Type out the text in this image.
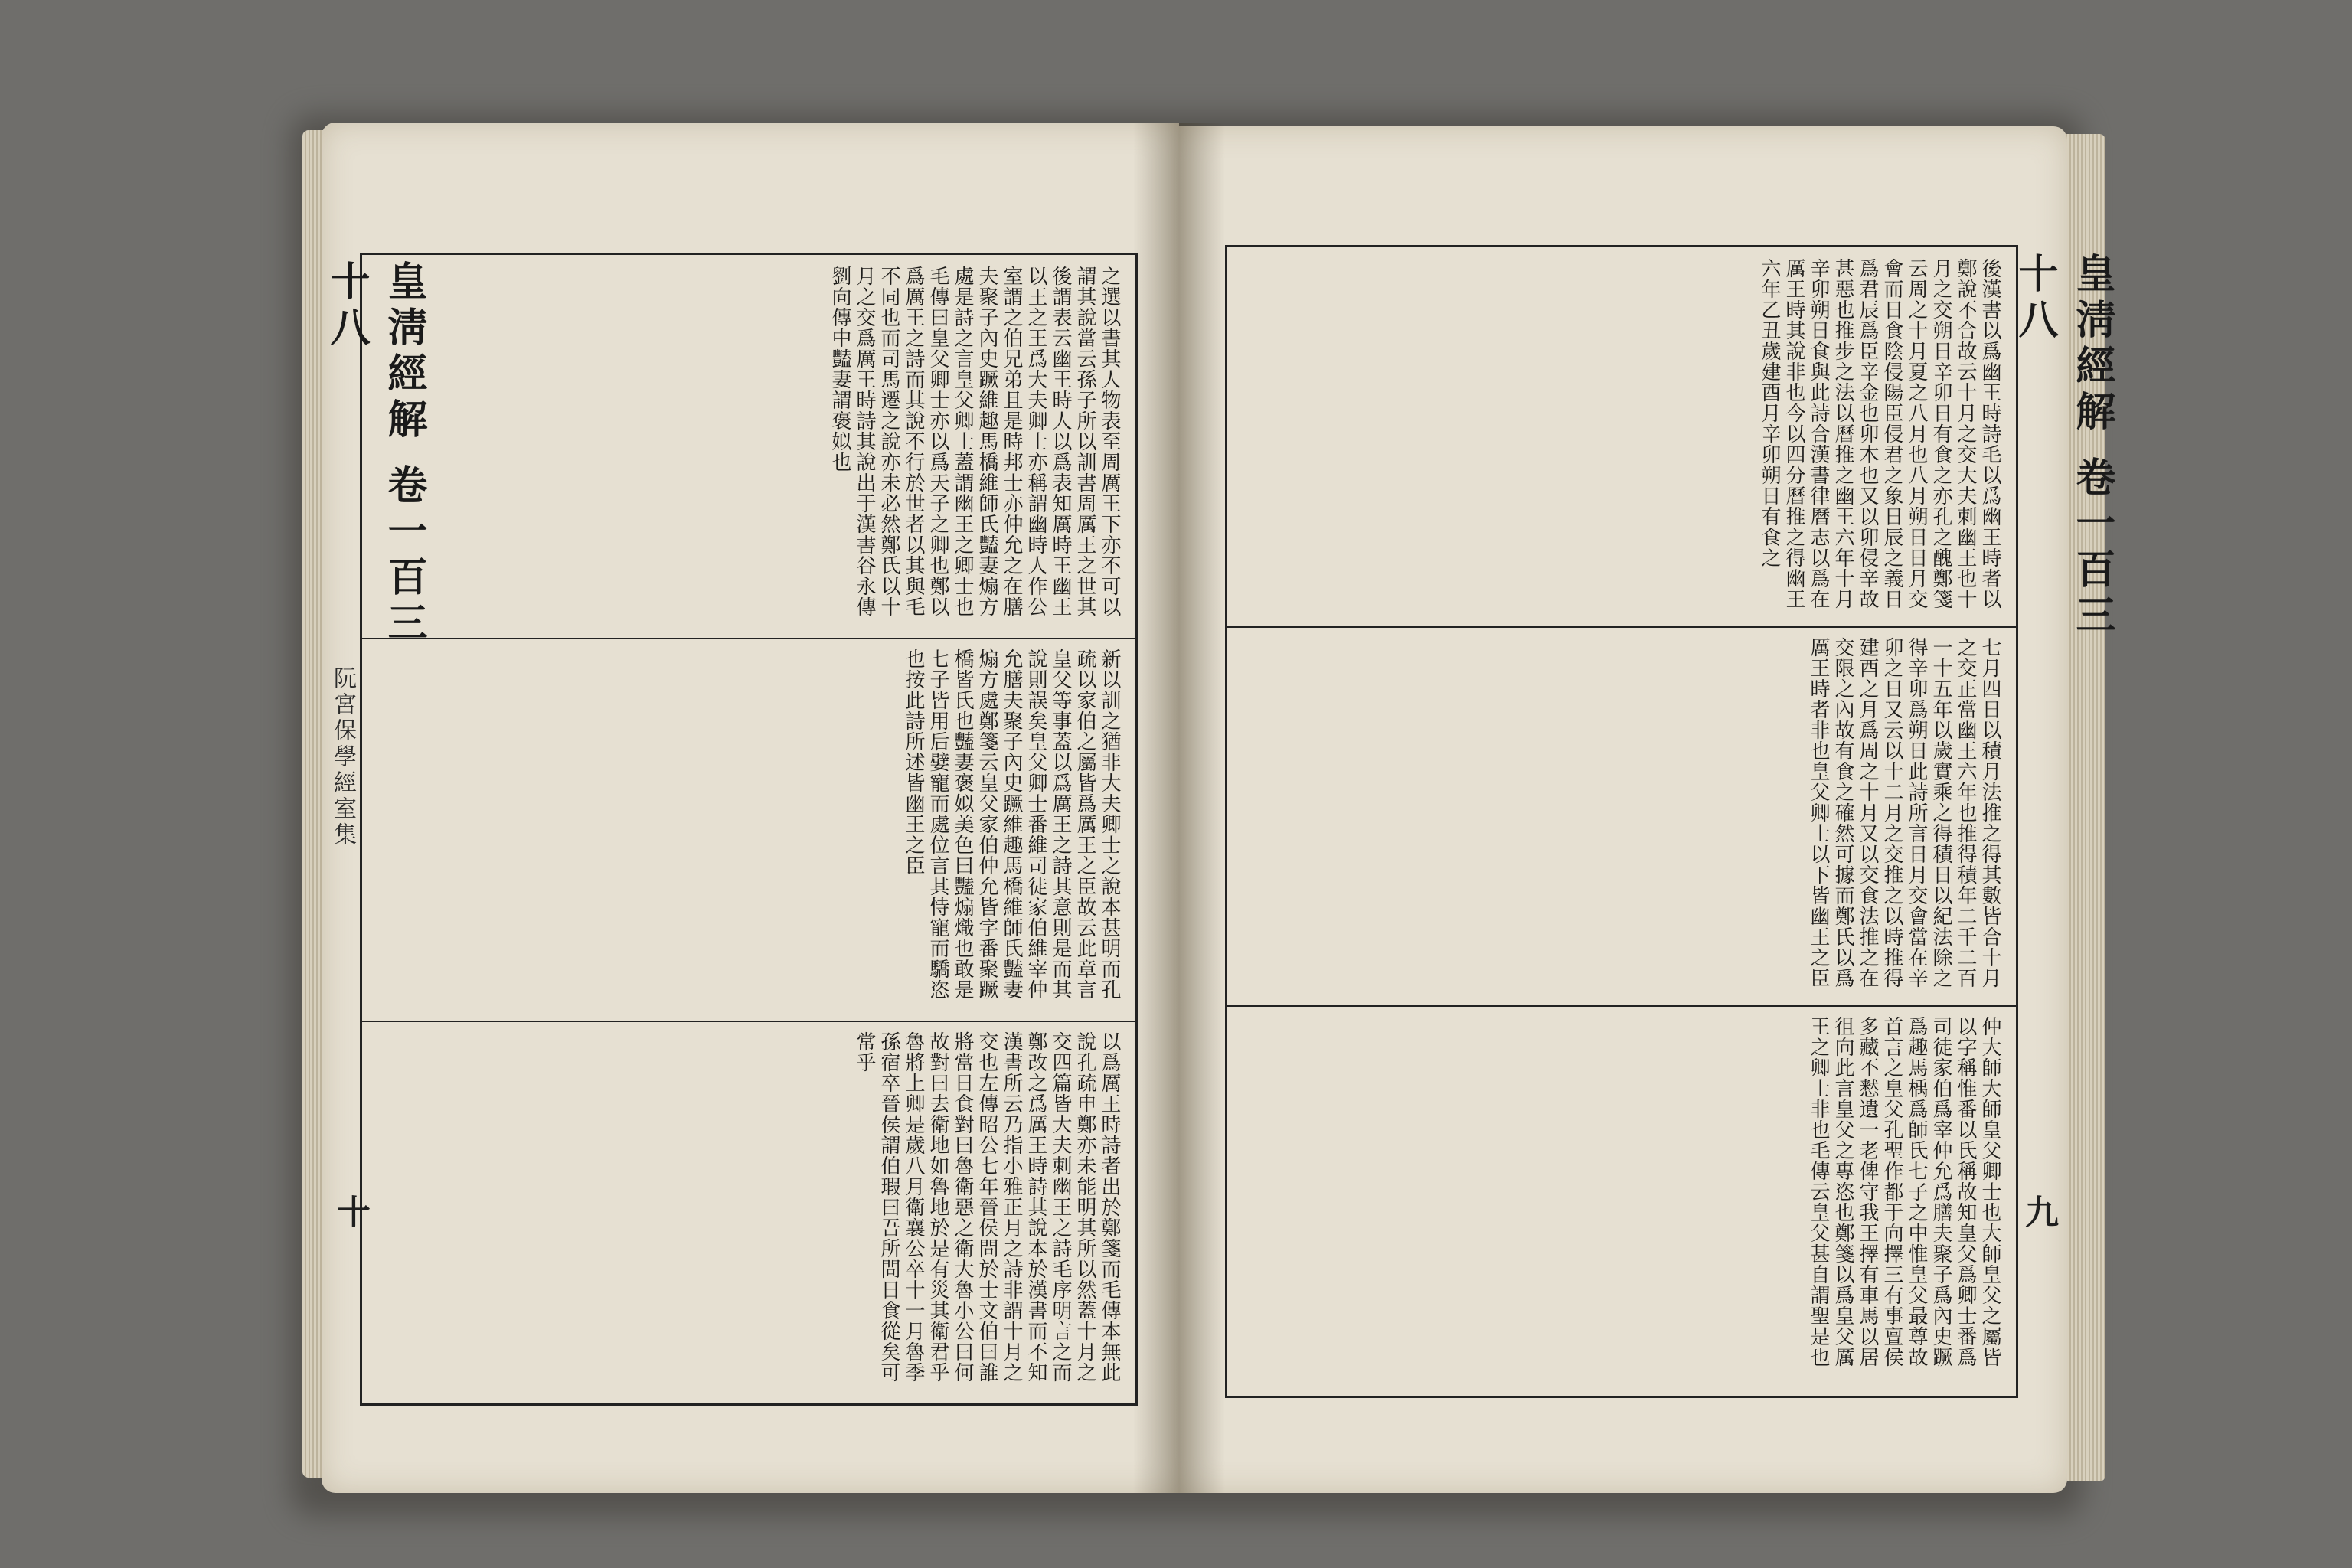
之選以書其人物表至周厲王下亦不可以謂其說當云孫子所以訓書周厲王之世其後謂表云幽王時人以爲表知厲時王幽王以王之王爲大夫卿士亦稱謂幽時人作公室謂之伯兄弟且是時邦士亦仲允之在膳夫聚子內史蹶維趣馬橋維師氏豔妻煽方處是詩之言皇父卿士蓋謂幽王之卿士也毛傳曰皇父卿士亦以爲天子之卿也鄭以爲厲王之詩而其說不行於世者以其與毛不同也而司馬遷之說亦未必然鄭氏以十月之交爲厲王時詩其說出于漢書谷永傳劉向傳中豔妻謂褒姒也
新以訓之猶非大夫卿士之說本甚明而孔疏以家伯之屬皆爲厲王之臣故云此章言皇父等事蓋以爲厲王之詩其意則是而其說則誤矣皇父卿士番維司徒家伯維宰仲允膳夫聚子內史蹶維趣馬橋維師氏豔妻煽方處鄭箋云皇父家伯仲允皆字番聚蹶橋皆氏也豔妻褒姒美色曰豔煽熾也敢是七子皆用后嬖寵而處位言其恃寵而驕恣也按此詩所述皆幽王之臣
以爲厲王時詩者出於鄭箋而毛傳本無此說孔疏申鄭亦未能明其所以然蓋十月之交四篇皆大夫刺幽王之詩毛序明言之而鄭改之爲厲王時詩其說本於漢書而不知漢書所云乃指小雅正月之詩非謂十月之交也左傳昭公七年晉侯問於士文伯曰誰將當日食對曰魯衛惡之衛大魯小公曰何故對曰去衛地如魯地於是有災其衛君乎魯將上卿是歲八月衛襄公卒十一月魯季孫宿卒晉侯謂伯瑕曰吾所問日食從矣可常乎
皇淸經解 卷一百三十八
阮宮保學經室集
十
後漢書以爲幽王時詩毛以爲幽王時者以鄭說不合故云十月之交大夫刺幽王也十月之交朔日辛卯日有食之亦孔之醜鄭箋云周之十月夏之八月也八月朔日日月交會而日食陰侵陽臣侵君之象日辰之義日爲君辰爲臣辛金也卯木也又以卯侵辛故甚惡也推步之法以曆推之幽王六年十月辛卯朔日食與此詩合漢書律曆志以爲在厲王時其說非也今以四分曆推之得幽王六年乙丑歲建酉月辛卯朔日有食之
七月四日以積月法推之得其數皆合十月之交正當幽王六年也推得積年二千二百一十五年以歲實乘之得積日以紀法除之得辛卯爲朔日此詩所言日月交會當在辛卯之日又云以十二月之交推之以時推得建酉之月爲周之十月又以交食法推之在交限之內故有食之確然可據而鄭氏以爲厲王時者非也皇父卿士以下皆幽王之臣
仲大師大師皇父卿士也大師皇父之屬皆以字稱惟番以氏稱故知皇父爲卿士番爲司徒家伯爲宰仲允爲膳夫聚子爲內史蹶爲趣馬楀爲師氏七子之中惟皇父最尊故首言之皇父孔聖作都于向擇三有事亶侯多藏不慭遺一老俾守我王擇有車馬以居徂向此言皇父之專恣也鄭箋以爲皇父厲王之卿士非也毛傳云皇父甚自謂聖是也
皇淸經解 卷一百三十八
九
